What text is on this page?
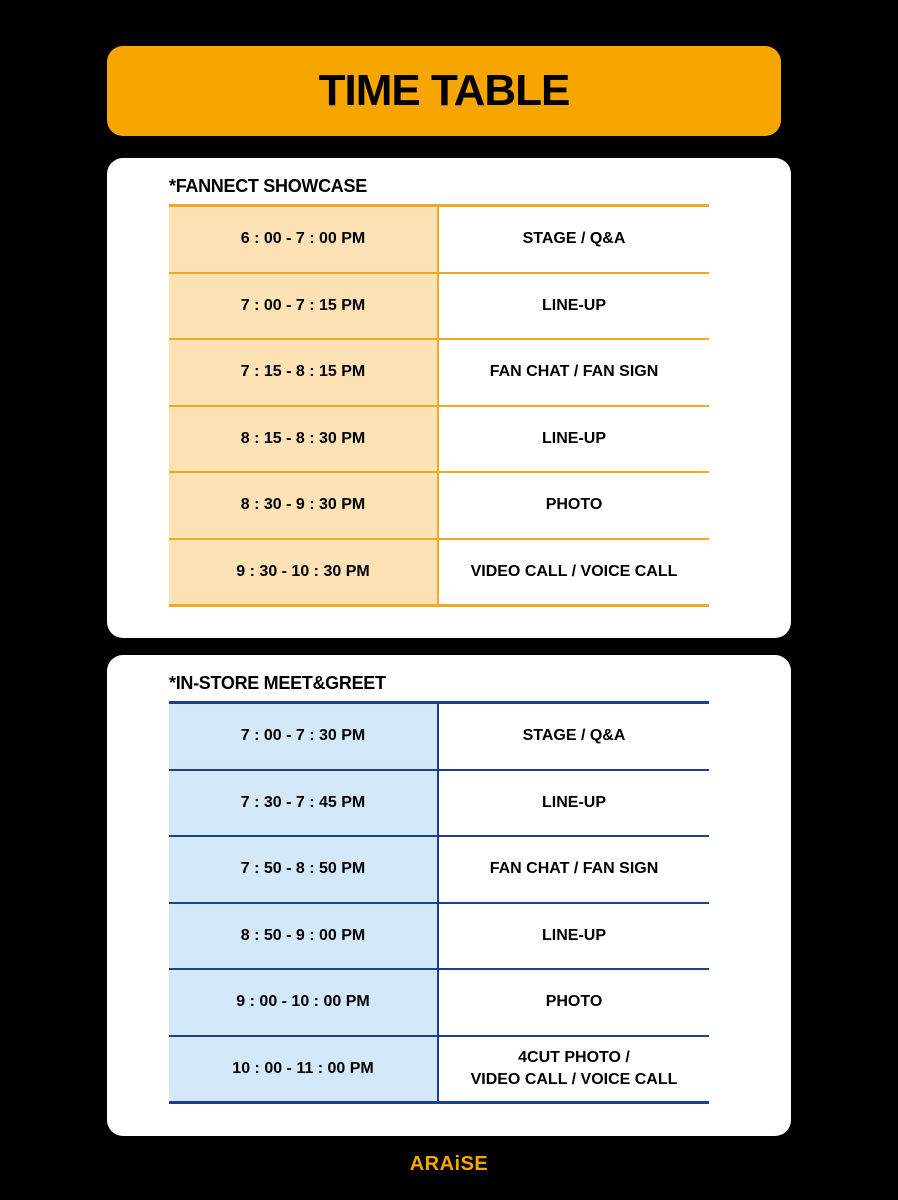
TIME TABLE
*FANNECT SHOWCASE
6 : 00 - 7 : 00 PM	STAGE / Q&A

7 : 00 - 7 : 15 PM	LINE-UP

7 : 15 - 8 : 15 PM	FAN CHAT / FAN SIGN

8 : 15 - 8 : 30 PM	LINE-UP

8 : 30 - 9 : 30 PM	PHOTO

9 : 30 - 10 : 30 PM	VIDEO CALL / VOICE CALL
*IN-STORE MEET&GREET
7 : 00 - 7 : 30 PM	STAGE / Q&A

7 : 30 - 7 : 45 PM	LINE-UP

7 : 50 - 8 : 50 PM	FAN CHAT / FAN SIGN

8 : 50 - 9 : 00 PM	LINE-UP

9 : 00 - 10 : 00 PM	PHOTO

10 : 00 - 11 : 00 PM	4CUT PHOTO /
VIDEO CALL / VOICE CALL
ARAiSE
